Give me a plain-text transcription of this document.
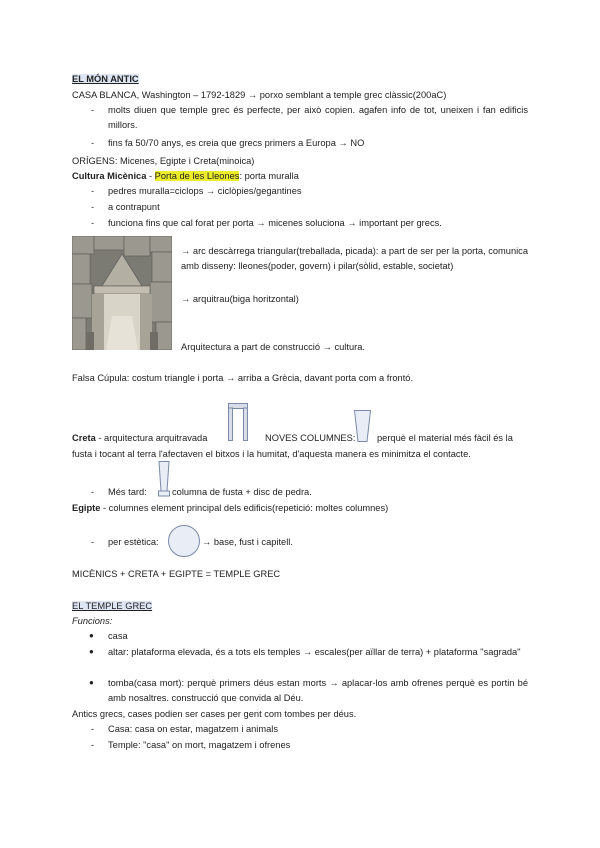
EL MÓN ANTIC
CASA BLANCA, Washington – 1792-1829 → porxo semblant a temple grec clàssic(200aC)
- molts diuen que temple grec és perfecte, per això copien. agafen info de tot, uneixen i fan edificis millors.
- fins fa 50/70 anys, es creia que grecs primers a Europa → NO
ORÍGENS: Micenes, Egipte i Creta(minoica)
Cultura Micènica - Porta de les Lleones: porta muralla
- pedres muralla=ciclops → ciclòpies/gegantines
- a contrapunt
- funciona fins que cal forat per porta → micenes soluciona → important per grecs.
→ arc descàrrega triangular(treballada, picada): a part de ser per la porta, comunica amb disseny: lleones(poder, govern) i pilar(sòlid, estable, societat)
→ arquitrau(biga horitzontal)
Arquitectura a part de construcció → cultura.
Falsa Cúpula: costum triangle i porta → arriba a Grècia, davant porta com a frontó.
Creta - arquitectura arquitravada	NOVES COLUMNES: perquè el material més fàcil és la
fusta i tocant al terra l'afectaven el bitxos i la humitat, d'aquesta manera es minimitza el contacte.
- Més tard:	columna de fusta + disc de pedra.
Egipte - columnes element principal dels edificis(repetició: moltes columnes)
- per estètica:	→ base, fust i capitell.
MICÈNICS + CRETA + EGIPTE = TEMPLE GREC
EL TEMPLE GREC
Funcions:
● casa
● altar: plataforma elevada, és a tots els temples → escales(per aïllar de terra) + plataforma "sagrada"
● tomba(casa mort): perquè primers déus estan morts → aplacar-los amb ofrenes perquè es portin bé amb nosaltres. construcció que convida al Déu.
Antics grecs, cases podien ser cases per gent com tombes per déus.
- Casa: casa on estar, magatzem i animals
- Temple: "casa" on mort, magatzem i ofrenes
